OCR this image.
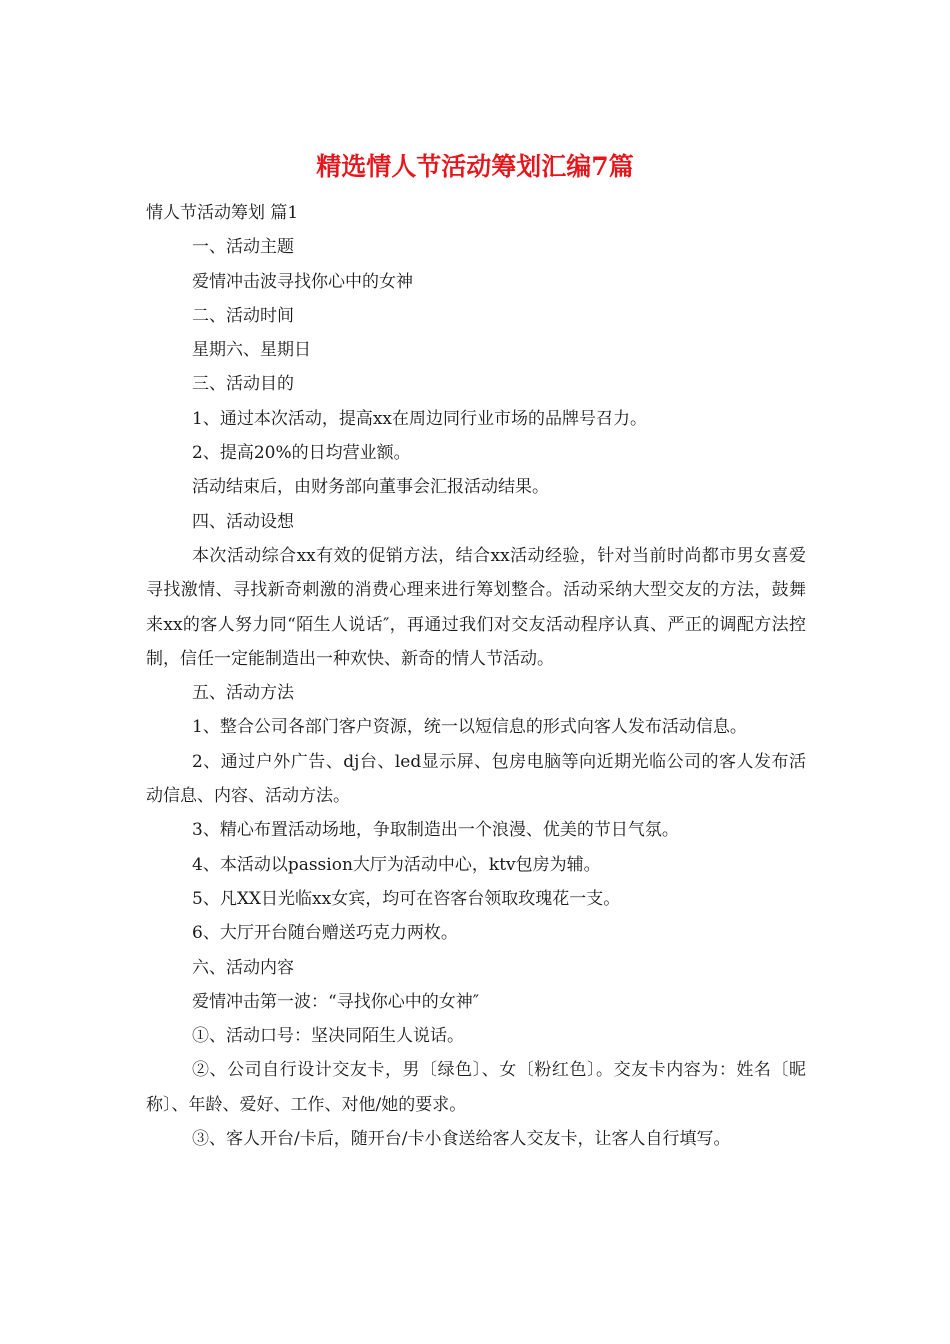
精选情人节活动筹划汇编7篇

情人节活动筹划 篇1

一、活动主题

爱情冲击波寻找你心中的女神

二、活动时间

星期六、星期日

三、活动目的

1、通过本次活动，提高xx在周边同行业市场的品牌号召力。

2、提高20%的日均营业额。

活动结束后，由财务部向董事会汇报活动结果。

四、活动设想

本次活动综合xx有效的促销方法，结合xx活动经验，针对当前时尚都市男女喜爱寻找激情、寻找新奇刺激的消费心理来进行筹划整合。活动采纳大型交友的方法，鼓舞来xx的客人努力同“陌生人说话″，再通过我们对交友活动程序认真、严正的调配方法控制，信任一定能制造出一种欢快、新奇的情人节活动。

五、活动方法

1、整合公司各部门客户资源，统一以短信息的形式向客人发布活动信息。

2、通过户外广告、dj台、led显示屏、包房电脑等向近期光临公司的客人发布活动信息、内容、活动方法。

3、精心布置活动场地，争取制造出一个浪漫、优美的节日气氛。

4、本活动以passion大厅为活动中心，ktv包房为辅。

5、凡XX日光临xx女宾，均可在咨客台领取玫瑰花一支。

6、大厅开台随台赠送巧克力两枚。

六、活动内容

爱情冲击第一波：“寻找你心中的女神″

①、活动口号：坚决同陌生人说话。

②、公司自行设计交友卡，男〔绿色〕、女〔粉红色〕。交友卡内容为：姓名〔昵称〕、年龄、爱好、工作、对他/她的要求。

③、客人开台/卡后，随开台/卡小食送给客人交友卡，让客人自行填写。
